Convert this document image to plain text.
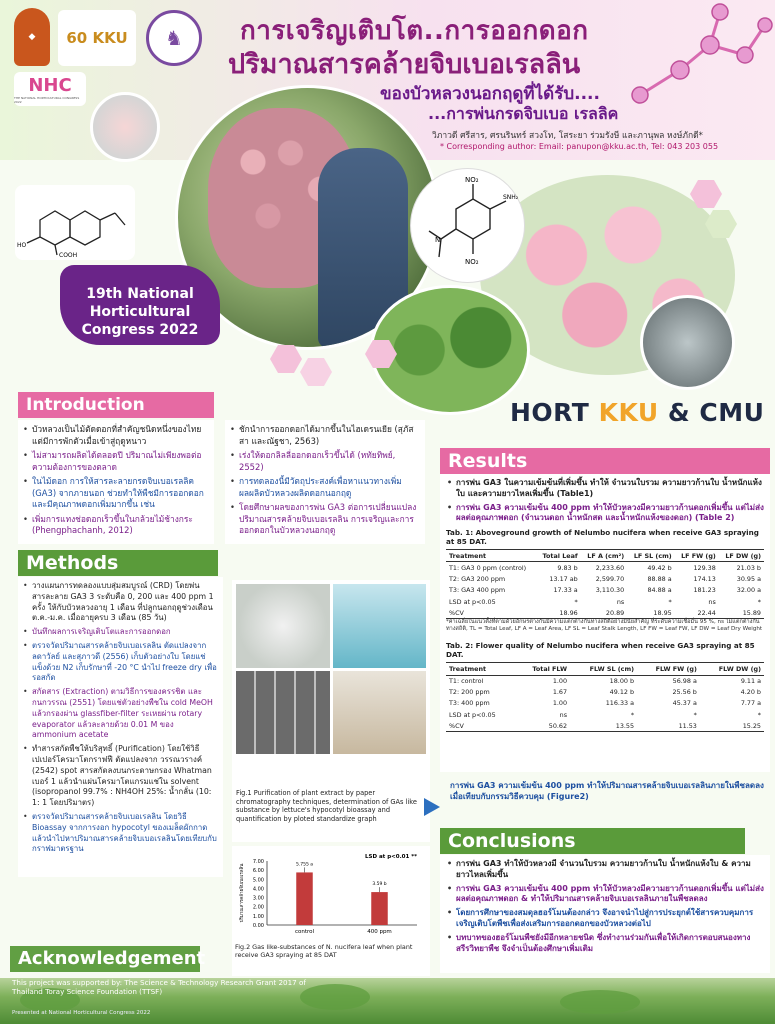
◆	60 KKU	♞
NHC
THE NATIONAL HORTICULTURAL CONGRESS 2022
การเจริญเติบโต..การออกดอก
ปริมาณสารคล้ายจิบเบอเรลลิน
ของบัวหลวงนอกฤดูที่ได้รับ....
...การพ่นกรดจิบเบอ เรลลิค
วิภาวดี ศรีสาร, ศรนรินทร์ สวงโท, โสระยา ร่วมรังษี และภานุพล หงษ์ภักดี*
* Corresponding author: Email: panupon@kku.ac.th, Tel: 043 203 055
HO
COOH
19th National
Horticultural
Congress 2022
NO₂
SNH₂
N
NO₂
HORT KKU & CMU
Introduction
• บัวหลวงเป็นไม้ตัดดอกที่สำคัญชนิดหนึ่งของไทย แต่มีการพักตัวเมื่อเข้าสู่ฤดูหนาว
• ไม่สามารถผลิตได้ตลอดปี ปริมาณไม่เพียงพอต่อความต้องการของตลาด
• ในไม้ดอก การให้สารละลายกรดจิบเบอเรลลิค (GA3) จากภายนอก ช่วยทำให้พืชมีการออกดอกและมีคุณภาพดอกเพิ่มมากขึ้น เช่น
• เพิ่มการแทงช่อดอกเร็วขึ้นในกล้วยไม้ช้างกระ (Phengphachanh, 2012)
• ชักนำการออกดอกได้มากขึ้นในไฮเดรนเยีย (สุภัสสา และณัฐชา, 2563)
• เร่งให้ดอกลิลลี่ออกดอกเร็วขึ้นได้ (หทัยทิพย์, 2552)
• การทดลองนี้มีวัตถุประสงค์เพื่อหาแนวทางเพิ่มผลผลิตบัวหลวงผลิตดอกนอกฤดู
• โดยศึกษาผลของการพ่น GA3 ต่อการเปลี่ยนแปลงปริมาณสารคล้ายจิบเบอเรลลิน การเจริญและการออกดอกในบัวหลวงนอกฤดู
Methods
• วางแผนการทดลองแบบสุ่มสมบูรณ์ (CRD) โดยพ่นสารละลาย GA3 3 ระดับคือ 0, 200 และ 400 ppm 1 ครั้ง ให้กับบัวหลวงอายุ 1 เดือน ที่ปลูกนอกฤดูช่วงเดือน ต.ค.-ม.ค. เมื่ออายุครบ 3 เดือน (85 วัน)
• บันทึกผลการเจริญเติบโตและการออกดอก
• ตรวจวัดปริมาณสารคล้ายจิบเบอเรลลิน ตัดแปลงจาก ลดาวัลย์ และสุภาวดี (2556) เก็บตัวอย่างใบ โดยแช่แข็งด้วย N2 เก็บรักษาที่ -20 °C นำไป freeze dry เพื่อรอสกัด
• สกัดสาร (Extraction) ตามวิธีการของครรชิต และ กนกวรรณ (2551) โดยแช่ตัวอย่างพืชใน cold MeOH แล้วกรองผ่าน glassfiber-filter ระเหยผ่าน rotary evaporator แล้วละลายด้วย 0.01 M ของ ammonium acetate
• ทำสารสกัดพืชให้บริสุทธิ์ (Purification) โดยใช้วิธี เปเปอร์โครมาโตกราฟฟี ตัดแปลงจาก วรรณวรางค์ (2542) spot สารสกัดลงบนกระดาษกรอง Whatman เบอร์ 1 แล้วนำแผ่นโครมาโตแกรมแช่ใน solvent (isopropanol 99.7% : NH4OH 25%: น้ำกลั่น (10: 1: 1 โดยปริมาตร)
• ตรวจวัดปริมาณสารคล้ายจิบเบอเรลลิน โดยวิธี Bioassay จากการงอก hypocotyl ของเมล็ดผักกาด แล้วนำไปหาปริมาณสารคล้ายจิบเบอเรลลินโดยเทียบกับกราฟมาตรฐาน
Fig.1 Purification of plant extract by paper chromatography techniques, determination of GAs like substance by lettuce's hypocotyl bioassay and quantification by ploted standardize graph
0.00
1.00
2.00
3.00
4.00
5.00
6.00
7.00
ปริมาณสารคล้ายจิบเบอเรลลิน
LSD at p<0.01 **
5.755 a
control
3.59 b
400 ppm
Fig.2 Gas like-substances of N. nucifera leaf when plant receive GA3 spraying at 85 DAT
Results
• การพ่น GA3 ในความเข้มข้นที่เพิ่มขึ้น ทำให้ จำนวนใบรวม ความยาวก้านใบ น้ำหนักแห้งใบ และความยาวไหลเพิ่มขึ้น (Table1)
• การพ่น GA3 ความเข้มข้น 400 ppm ทำให้บัวหลวงมีความยาวก้านดอกเพิ่มขึ้น แต่ไม่ส่งผลต่อคุณภาพดอก (จำนวนดอก น้ำหนักสด และน้ำหนักแห้งของดอก) (Table 2)
Tab. 1: Aboveground growth of Nelumbo nucifera when receive GA3 spraying at 85 DAT.
Treatment	Total Leaf	LF A (cm²)	LF SL (cm)	LF FW (g)	LF DW (g)
T1: GA3 0 ppm (control)	9.83 b	2,233.60	49.42 b	129.38	21.03 b
T2: GA3 200 ppm	13.17 ab	2,599.70	88.88 a	174.13	30.95 a
T3: GA3 400 ppm	17.33 a	3,110.30	84.88 a	181.23	32.00 a
LSD at p<0.05	*	ns	*	ns	*
%CV	18.96	20.89	18.95	22.44	15.89
*ค่าเฉลี่ยในแนวตั้งที่ตามด้วยอักษรต่างกันมีความแตกต่างกันทางสถิติอย่างมีนัยสำคัญ ที่ระดับความเชื่อมั่น 95 %, ns ไม่แตกต่างกันทางสถิติ, TL = Total Leaf, LF A = Leaf Area, LF SL = Leaf Stalk Length, LF FW = Leaf FW, LF DW = Leaf Dry Weight
Tab. 2: Flower quality of Nelumbo nucifera when receive GA3 spraying at 85 DAT.
Treatment	Total FLW	FLW SL (cm)	FLW FW (g)	FLW DW (g)
T1: control	1.00	18.00 b	56.98 a	9.11 a
T2: 200 ppm	1.67	49.12 b	25.56 b	4.20 b
T3: 400 ppm	1.00	116.33 a	45.37 a	7.77 a
LSD at p<0.05	ns	*	*	*
%CV	50.62	13.55	11.53	15.25
การพ่น GA3 ความเข้มข้น 400 ppm ทำให้ปริมาณสารคล้ายจิบเบอเรลลินภายในพืชลดลง เมื่อเทียบกับกรรมวิธีควบคุม (Figure2)
Conclusions
• การพ่น GA3 ทำให้บัวหลวงมี จำนวนใบรวม ความยาวก้านใบ น้ำหนักแห้งใบ & ความยาวไหลเพิ่มขึ้น
• การพ่น GA3 ความเข้มข้น 400 ppm ทำให้บัวหลวงมีความยาวก้านดอกเพิ่มขึ้น แต่ไม่ส่งผลต่อคุณภาพดอก & ทำให้ปริมาณสารคล้ายจิบเบอเรลลินภายในพืชลดลง
• โดยการศึกษาของสมดุลฮอร์โมนต้องกล่าว จึงอาจนำไปสู่การประยุกต์ใช้สารควบคุมการเจริญเติบโตพืชเพื่อส่งเสริมการออกดอกของบัวหลวงต่อไป
• บทบาทของฮอร์โมนพืชยังมีอีกหลายชนิด ซึ่งทำงานร่วมกันเพื่อให้เกิดการตอบสนองทางสรีรวิทยาพืช จึงจำเป็นต้องศึกษาเพิ่มเติม
Acknowledgement
This project was supported by: The Science & Technology Research Grant 2017 of Thailand Toray Science Foundation (TTSF)
Presented at National Horticultural Congress 2022
